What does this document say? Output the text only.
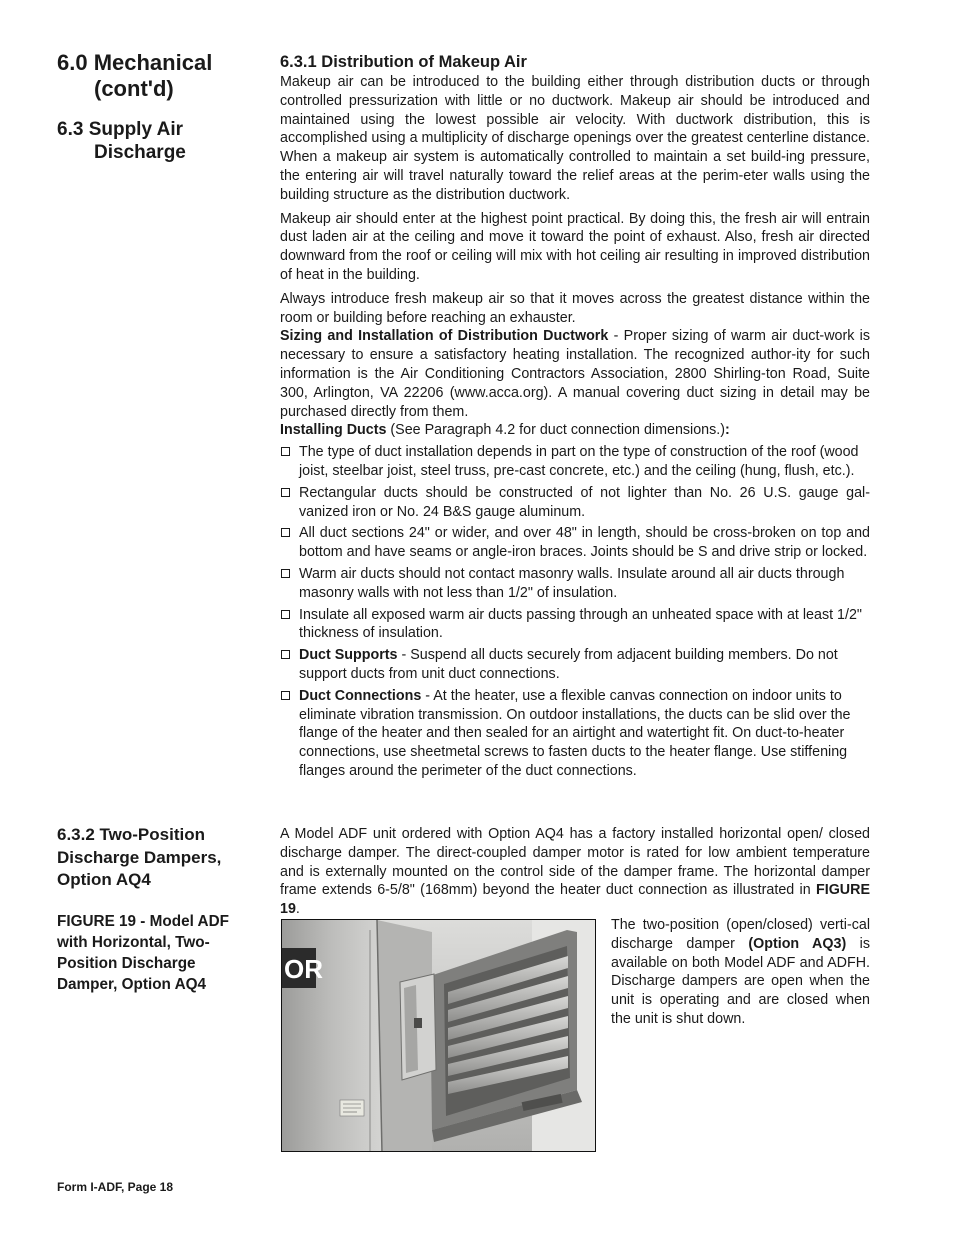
6.0 Mechanical
(cont'd)
6.3 Supply Air
Discharge
6.3.1 Distribution of Makeup Air

Makeup air can be introduced to the building either through distribution ducts or through controlled pressurization with little or no ductwork. Makeup air should be introduced and maintained using the lowest possible air velocity. With ductwork distribution, this is accomplished using a multiplicity of discharge openings over the greatest centerline distance. When a makeup air system is automatically controlled to maintain a set build-ing pressure, the entering air will travel naturally toward the relief areas at the perim-eter walls using the building structure as the distribution ductwork.

Makeup air should enter at the highest point practical. By doing this, the fresh air will entrain dust laden air at the ceiling and move it toward the point of exhaust. Also, fresh air directed downward from the roof or ceiling will mix with hot ceiling air resulting in improved distribution of heat in the building.

Always introduce fresh makeup air so that it moves across the greatest distance within the room or building before reaching an exhauster.

Sizing and Installation of Distribution Ductwork - Proper sizing of warm air duct-work is necessary to ensure a satisfactory heating installation. The recognized author-ity for such information is the Air Conditioning Contractors Association, 2800 Shirling-ton Road, Suite 300, Arlington, VA 22206 (www.acca.org). A manual covering duct sizing in detail may be purchased directly from them.

Installing Ducts (See Paragraph 4.2 for duct connection dimensions.):

The type of duct installation depends in part on the type of construction of the roof (wood joist, steelbar joist, steel truss, pre-cast concrete, etc.) and the ceiling (hung, flush, etc.).
Rectangular ducts should be constructed of not lighter than No. 26 U.S. gauge gal-vanized iron or No. 24 B&S gauge aluminum.
All duct sections 24" or wider, and over 48" in length, should be cross-broken on top and bottom and have seams or angle-iron braces. Joints should be S and drive strip or locked.
Warm air ducts should not contact masonry walls. Insulate around all air ducts through masonry walls with not less than 1/2" of insulation.
Insulate all exposed warm air ducts passing through an unheated space with at least 1/2" thickness of insulation.
Duct Supports - Suspend all ducts securely from adjacent building members. Do not support ducts from unit duct connections.
Duct Connections - At the heater, use a flexible canvas connection on indoor units to eliminate vibration transmission. On outdoor installations, the ducts can be slid over the flange of the heater and then sealed for an airtight and watertight fit. On duct-to-heater connections, use sheetmetal screws to fasten ducts to the heater flange. Use stiffening flanges around the perimeter of the duct connections.
6.3.2 Two-Position Discharge Dampers, Option AQ4
FIGURE 19 - Model ADF with Horizontal, Two-Position Discharge Damper, Option AQ4

A Model ADF unit ordered with Option AQ4 has a factory installed horizontal open/ closed discharge damper. The direct-coupled damper motor is rated for low ambient temperature and is externally mounted on the control side of the damper frame. The horizontal damper frame extends 6-5/8" (168mm) beyond the heater duct connection as illustrated in FIGURE 19.

OR
The two-position (open/closed) verti-cal discharge damper (Option AQ3) is available on both Model ADF and ADFH. Discharge dampers are open when the unit is operating and are closed when the unit is shut down.
Form I-ADF, Page 18
